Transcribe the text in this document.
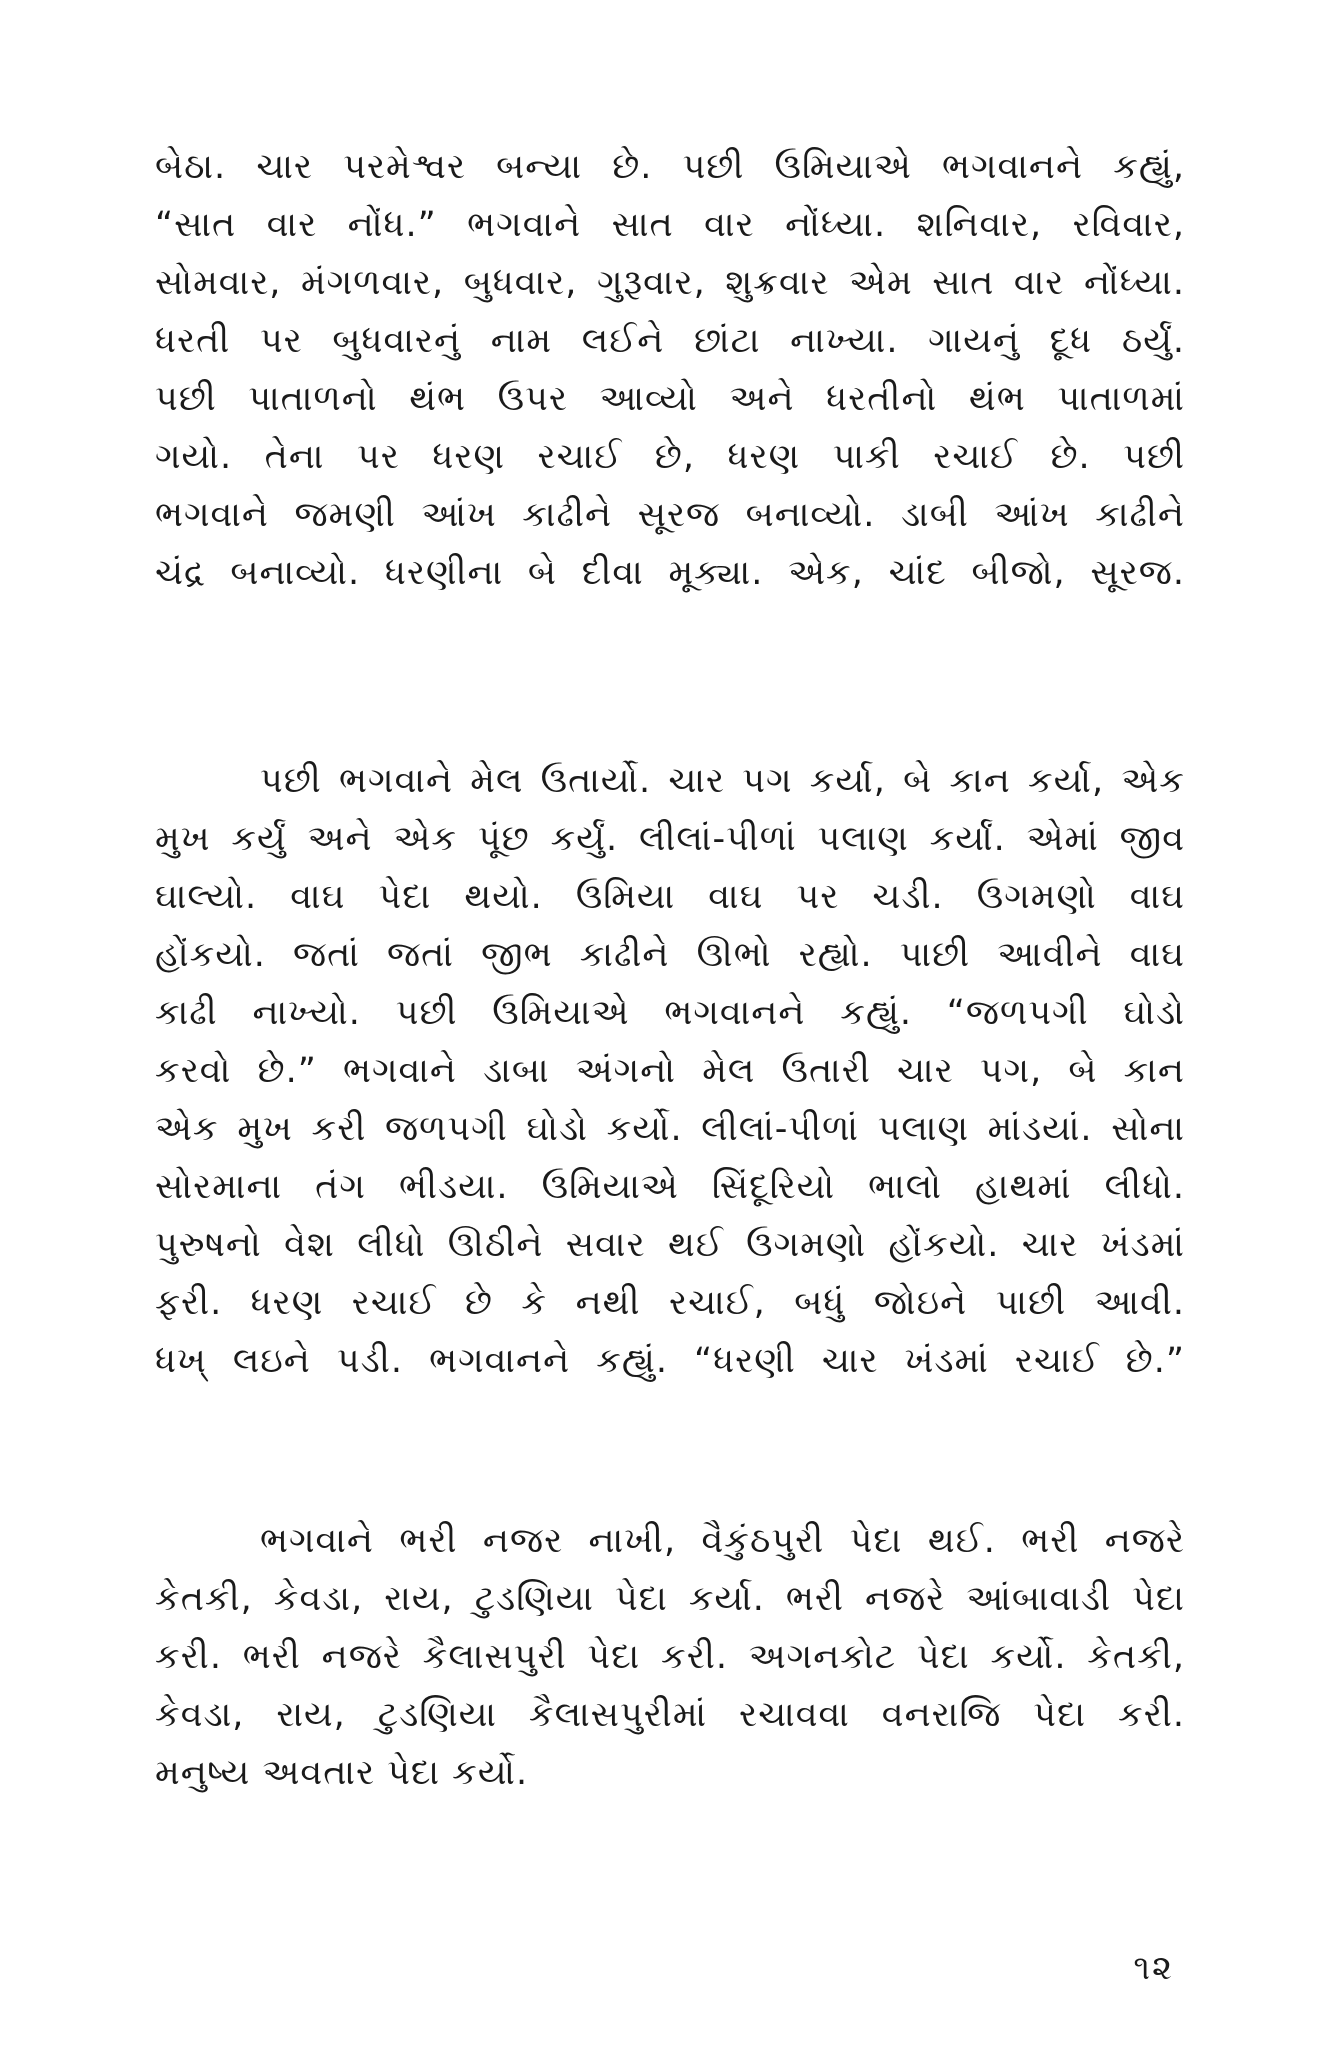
બેઠા. ચાર પરમેશ્વર બન્યા છે. પછી ઉમિયાએ ભગવાનને કહ્યું,
“સાત વાર નોંધ.” ભગવાને સાત વાર નોંધ્યા. શનિવાર, રવિવાર,
સોમવાર, મંગળવાર, બુધવાર, ગુરૂવાર, શુક્રવાર એમ સાત વાર નોંધ્યા.
ધરતી પર બુધવારનું નામ લઈને છાંટા નાખ્યા. ગાયનું દૂધ ઠર્યું.
પછી પાતાળનો થંભ ઉપર આવ્યો અને ધરતીનો થંભ પાતાળમાં
ગયો. તેના પર ધરણ રચાઈ છે, ધરણ પાકી રચાઈ છે. પછી
ભગવાને જમણી આંખ કાઢીને સૂરજ બનાવ્યો. ડાબી આંખ કાઢીને
ચંદ્ર બનાવ્યો. ધરણીના બે દીવા મૂક્યા. એક, ચાંદ બીજો, સૂરજ.
પછી ભગવાને મેલ ઉતાર્યો. ચાર પગ કર્યા, બે કાન કર્યા, એક
મુખ કર્યું અને એક પૂંછ કર્યું. લીલાં-પીળાં પલાણ કર્યાં. એમાં જીવ
ઘાલ્યો. વાઘ પેદા થયો. ઉમિયા વાઘ પર ચડી. ઉગમણો વાઘ
હોંકયો. જતાં જતાં જીભ કાઢીને ઊભો રહ્યો. પાછી આવીને વાઘ
કાઢી નાખ્યો. પછી ઉમિયાએ ભગવાનને કહ્યું. “જળપગી ઘોડો
કરવો છે.” ભગવાને ડાબા અંગનો મેલ ઉતારી ચાર પગ, બે કાન
એક મુખ કરી જળપગી ઘોડો કર્યો. લીલાં-પીળાં પલાણ માંડયાં. સોના
સોરમાના તંગ ભીડયા. ઉમિયાએ સિંદૂરિયો ભાલો હાથમાં લીધો.
પુરુષનો વેશ લીધો ઊઠીને સવાર થઈ ઉગમણો હોંકયો. ચાર ખંડમાં
ફરી. ધરણ રચાઈ છે કે નથી રચાઈ, બધું જોઇને પાછી આવી.
ધખ્ લઇને પડી. ભગવાનને કહ્યું. “ધરણી ચાર ખંડમાં રચાઈ છે.”
ભગવાને ભરી નજર નાખી, વૈકુંઠપુરી પેદા થઈ. ભરી નજરે
કેતકી, કેવડા, રાય, ટુડણિયા પેદા કર્યા. ભરી નજરે આંબાવાડી પેદા
કરી. ભરી નજરે કૈલાસપુરી પેદા કરી. અગનકોટ પેદા કર્યો. કેતકી,
કેવડા, રાય, ટુડણિયા કૈલાસપુરીમાં રચાવવા વનરાજિ પેદા કરી.
મનુષ્ય અવતાર પેદા કર્યો.
૧૨
